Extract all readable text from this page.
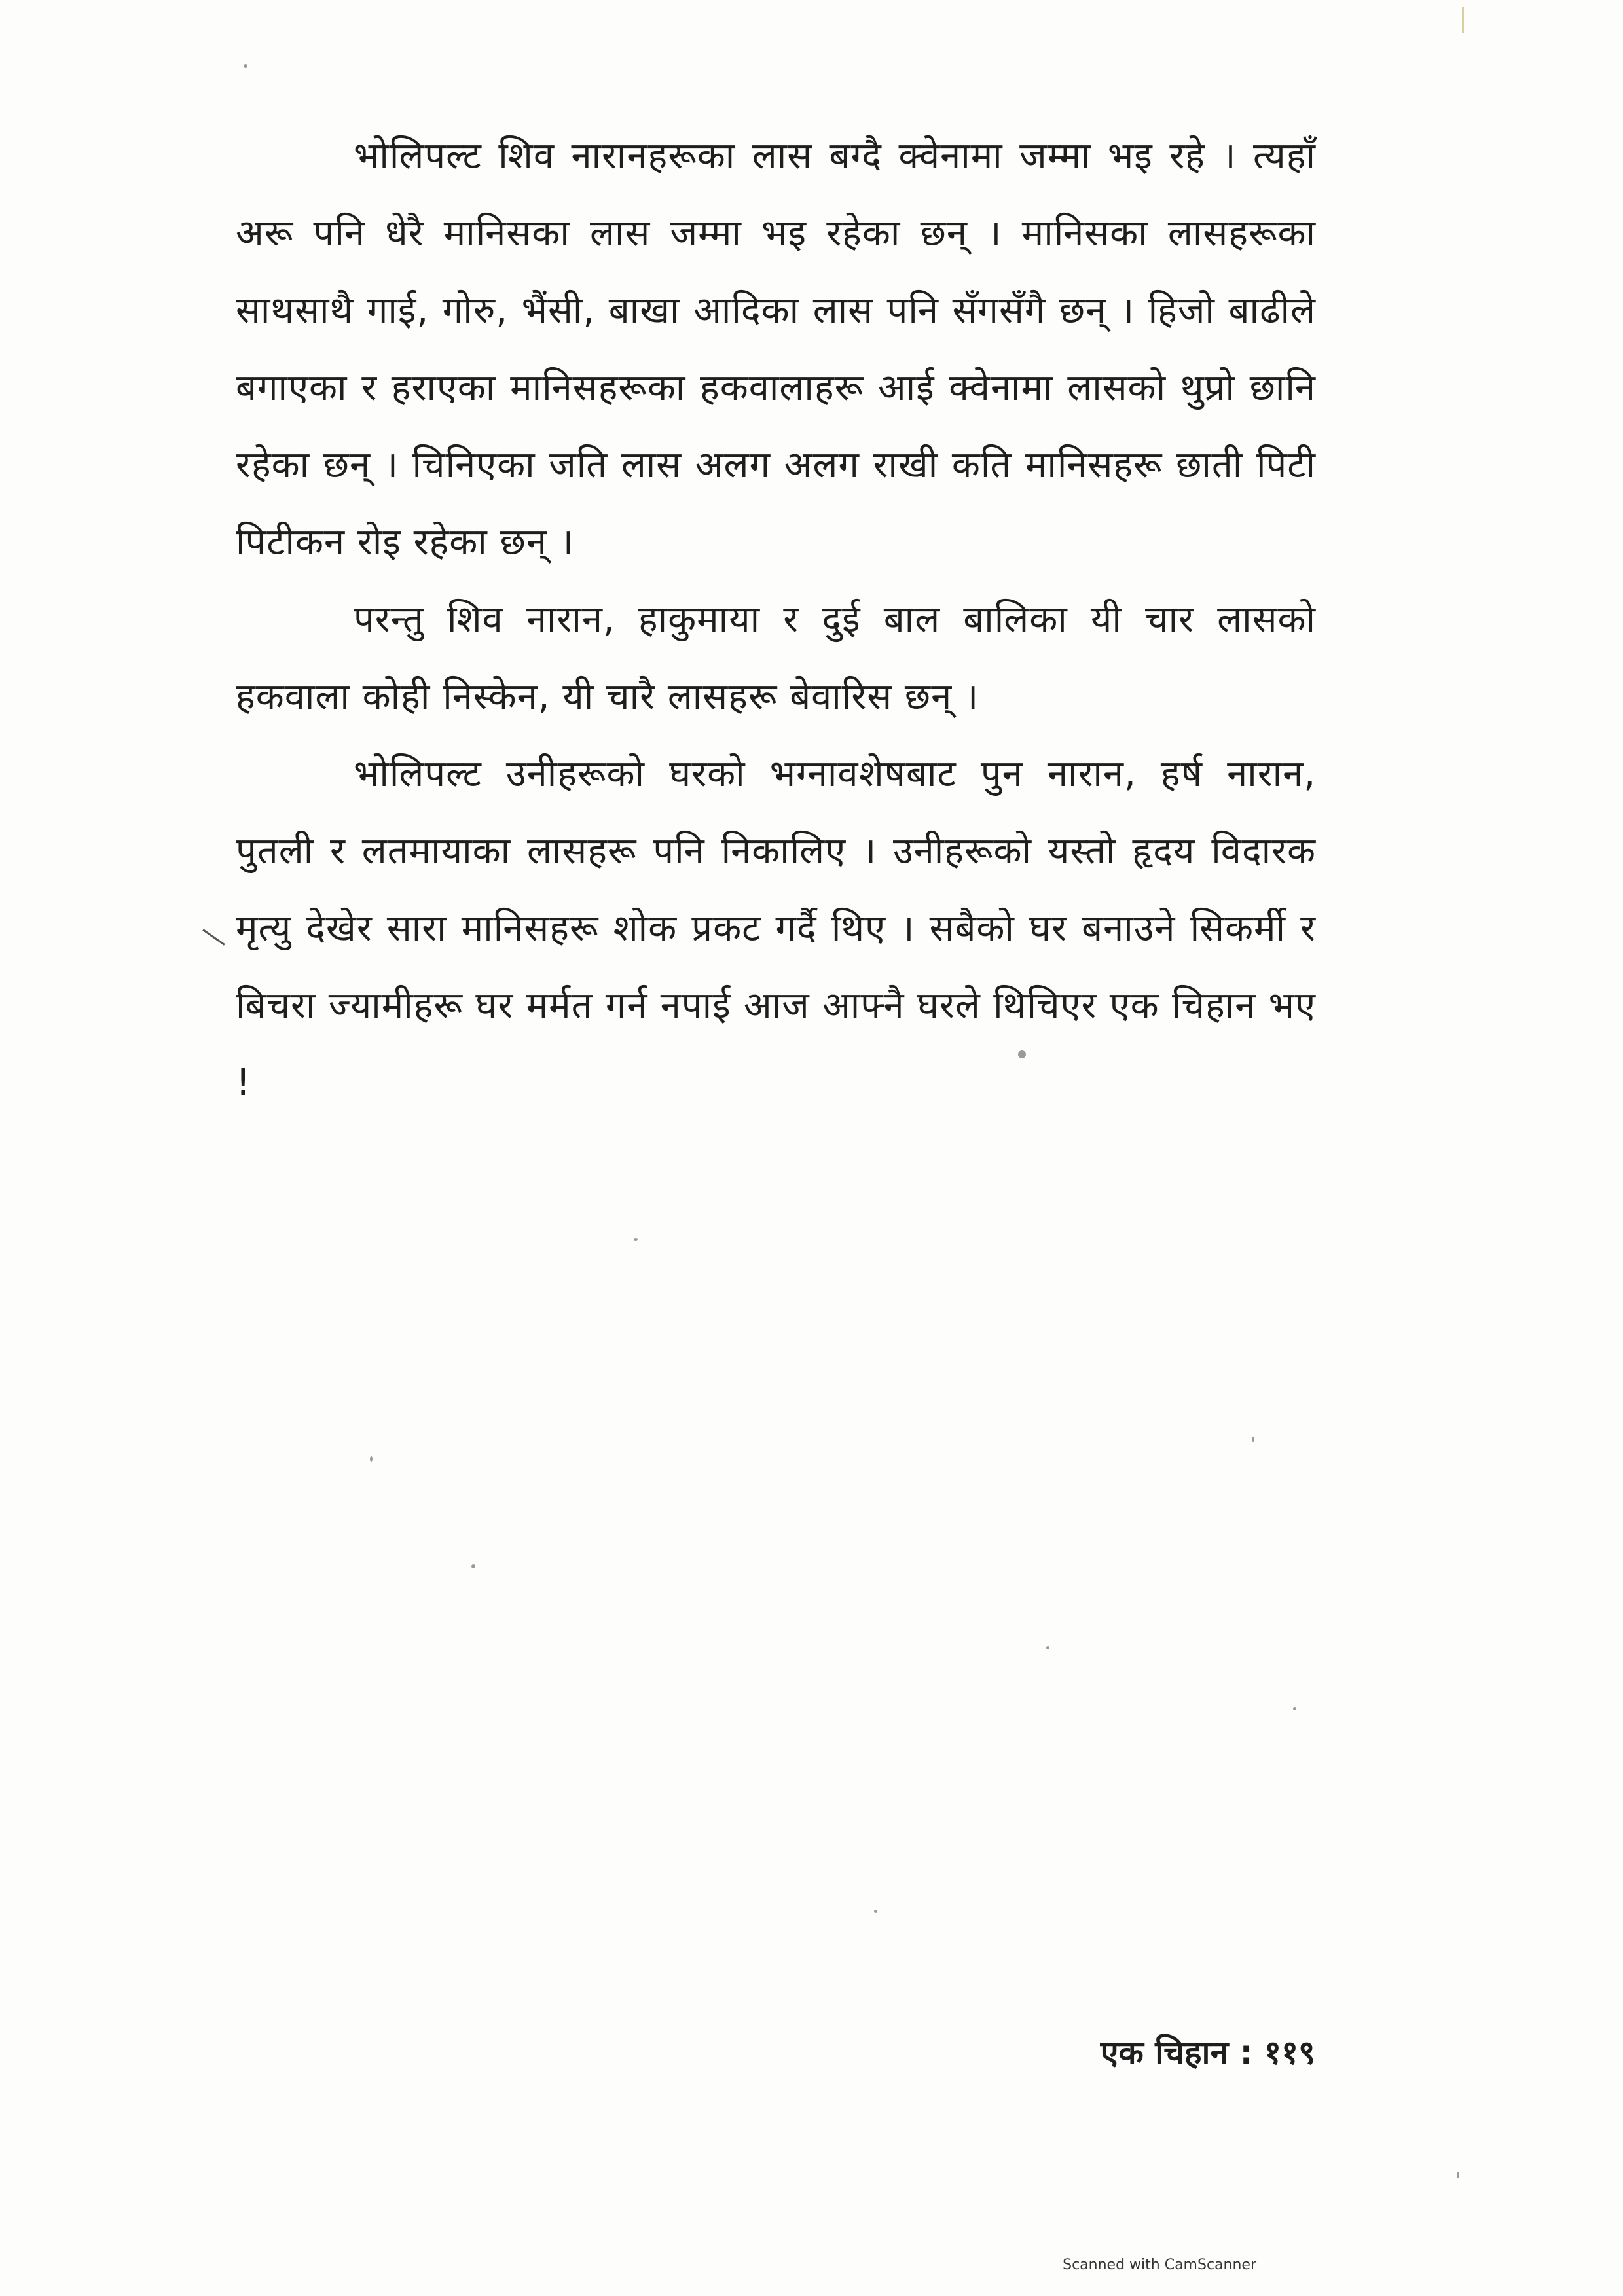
भोलिपल्ट शिव नारानहरूका लास बग्दै क्वेनामा जम्मा भइ रहे । त्यहाँ अरू पनि धेरै मानिसका लास जम्मा भइ रहेका छन् । मानिसका लासहरूका साथसाथै गाई, गोरु, भैंसी, बाखा आदिका लास पनि सँगसँगै छन् । हिजो बाढीले बगाएका र हराएका मानिसहरूका हकवालाहरू आई क्वेनामा लासको थुप्रो छानि रहेका छन् । चिनिएका जति लास अलग अलग राखी कति मानिसहरू छाती पिटी पिटीकन रोइ रहेका छन् ।

परन्तु शिव नारान, हाकुमाया र दुई बाल बालिका यी चार लासको हकवाला कोही निस्केन, यी चारै लासहरू बेवारिस छन् ।

भोलिपल्ट उनीहरूको घरको भग्नावशेषबाट पुन नारान, हर्ष नारान, पुतली र लतमायाका लासहरू पनि निकालिए । उनीहरूको यस्तो हृदय विदारक मृत्यु देखेर सारा मानिसहरू शोक प्रकट गर्दै थिए । सबैको घर बनाउने सिकर्मी र बिचरा ज्यामीहरू घर मर्मत गर्न नपाई आज आफ्नै घरले थिचिएर एक चिहान भए !

एक चिहान : ११९
Scanned with CamScanner
